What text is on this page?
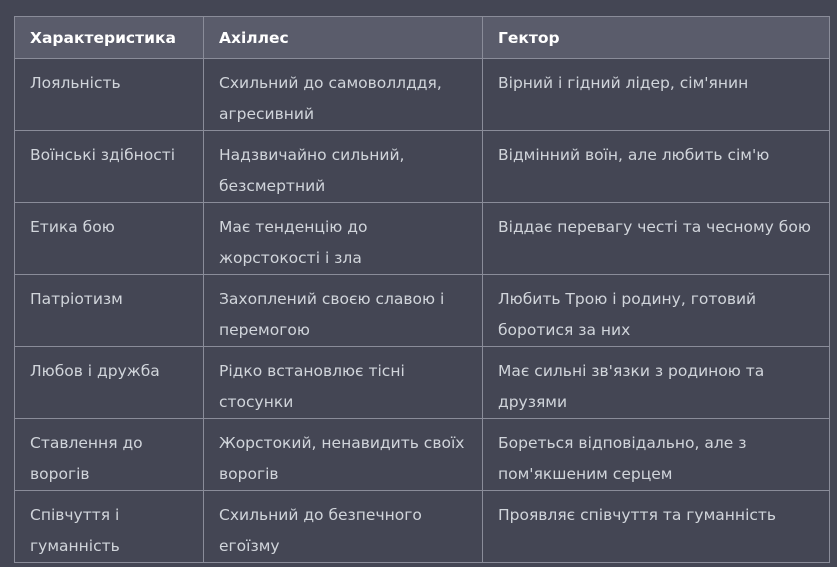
Характеристика	Ахіллес	Гектор
Лояльність	Схильний до самоволлддя, агресивний	Вірний і гідний лідер, сім'янин
Воїнські здібності	Надзвичайно сильний, безсмертний	Відмінний воїн, але любить сім'ю
Етика бою	Має тенденцію до жорстокості і зла	Віддає перевагу честі та чесному бою
Патріотизм	Захоплений своєю славою і перемогою	Любить Трою і родину, готовий боротися за них
Любов і дружба	Рідко встановлює тісні стосунки	Має сильні зв'язки з родиною та друзями
Ставлення до ворогів	Жорстокий, ненавидить своїх ворогів	Бореться відповідально, але з пом'якшеним серцем
Співчуття і гуманність	Схильний до безпечного егоїзму	Проявляє співчуття та гуманність
